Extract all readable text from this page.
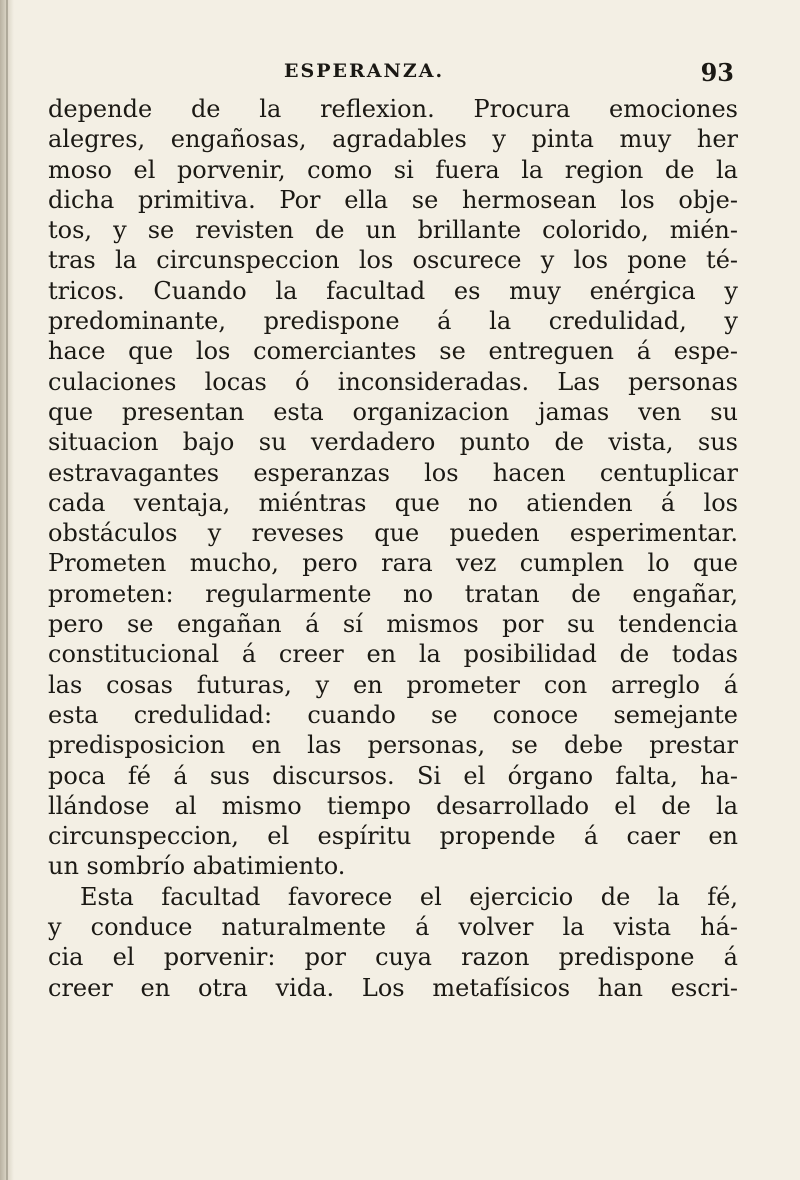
ESPERANZA.	93
depende de la reflexion. Procura emociones
alegres, engañosas, agradables y pinta muy her
moso el porvenir, como si fuera la region de la
dicha primitiva. Por ella se hermosean los obje-
tos, y se revisten de un brillante colorido, mién-
tras la circunspeccion los oscurece y los pone té-
tricos. Cuando la facultad es muy enérgica y
predominante, predispone á la credulidad, y
hace que los comerciantes se entreguen á espe-
culaciones locas ó inconsideradas. Las personas
que presentan esta organizacion jamas ven su
situacion bajo su verdadero punto de vista, sus
estravagantes esperanzas los hacen centuplicar
cada ventaja, miéntras que no atienden á los
obstáculos y reveses que pueden esperimentar.
Prometen mucho, pero rara vez cumplen lo que
prometen: regularmente no tratan de engañar,
pero se engañan á sí mismos por su tendencia
constitucional á creer en la posibilidad de todas
las cosas futuras, y en prometer con arreglo á
esta credulidad: cuando se conoce semejante
predisposicion en las personas, se debe prestar
poca fé á sus discursos. Si el órgano falta, ha-
llándose al mismo tiempo desarrollado el de la
circunspeccion, el espíritu propende á caer en
un sombrío abatimiento.
Esta facultad favorece el ejercicio de la fé,
y conduce naturalmente á volver la vista há-
cia el porvenir: por cuya razon predispone á
creer en otra vida. Los metafísicos han escri-
